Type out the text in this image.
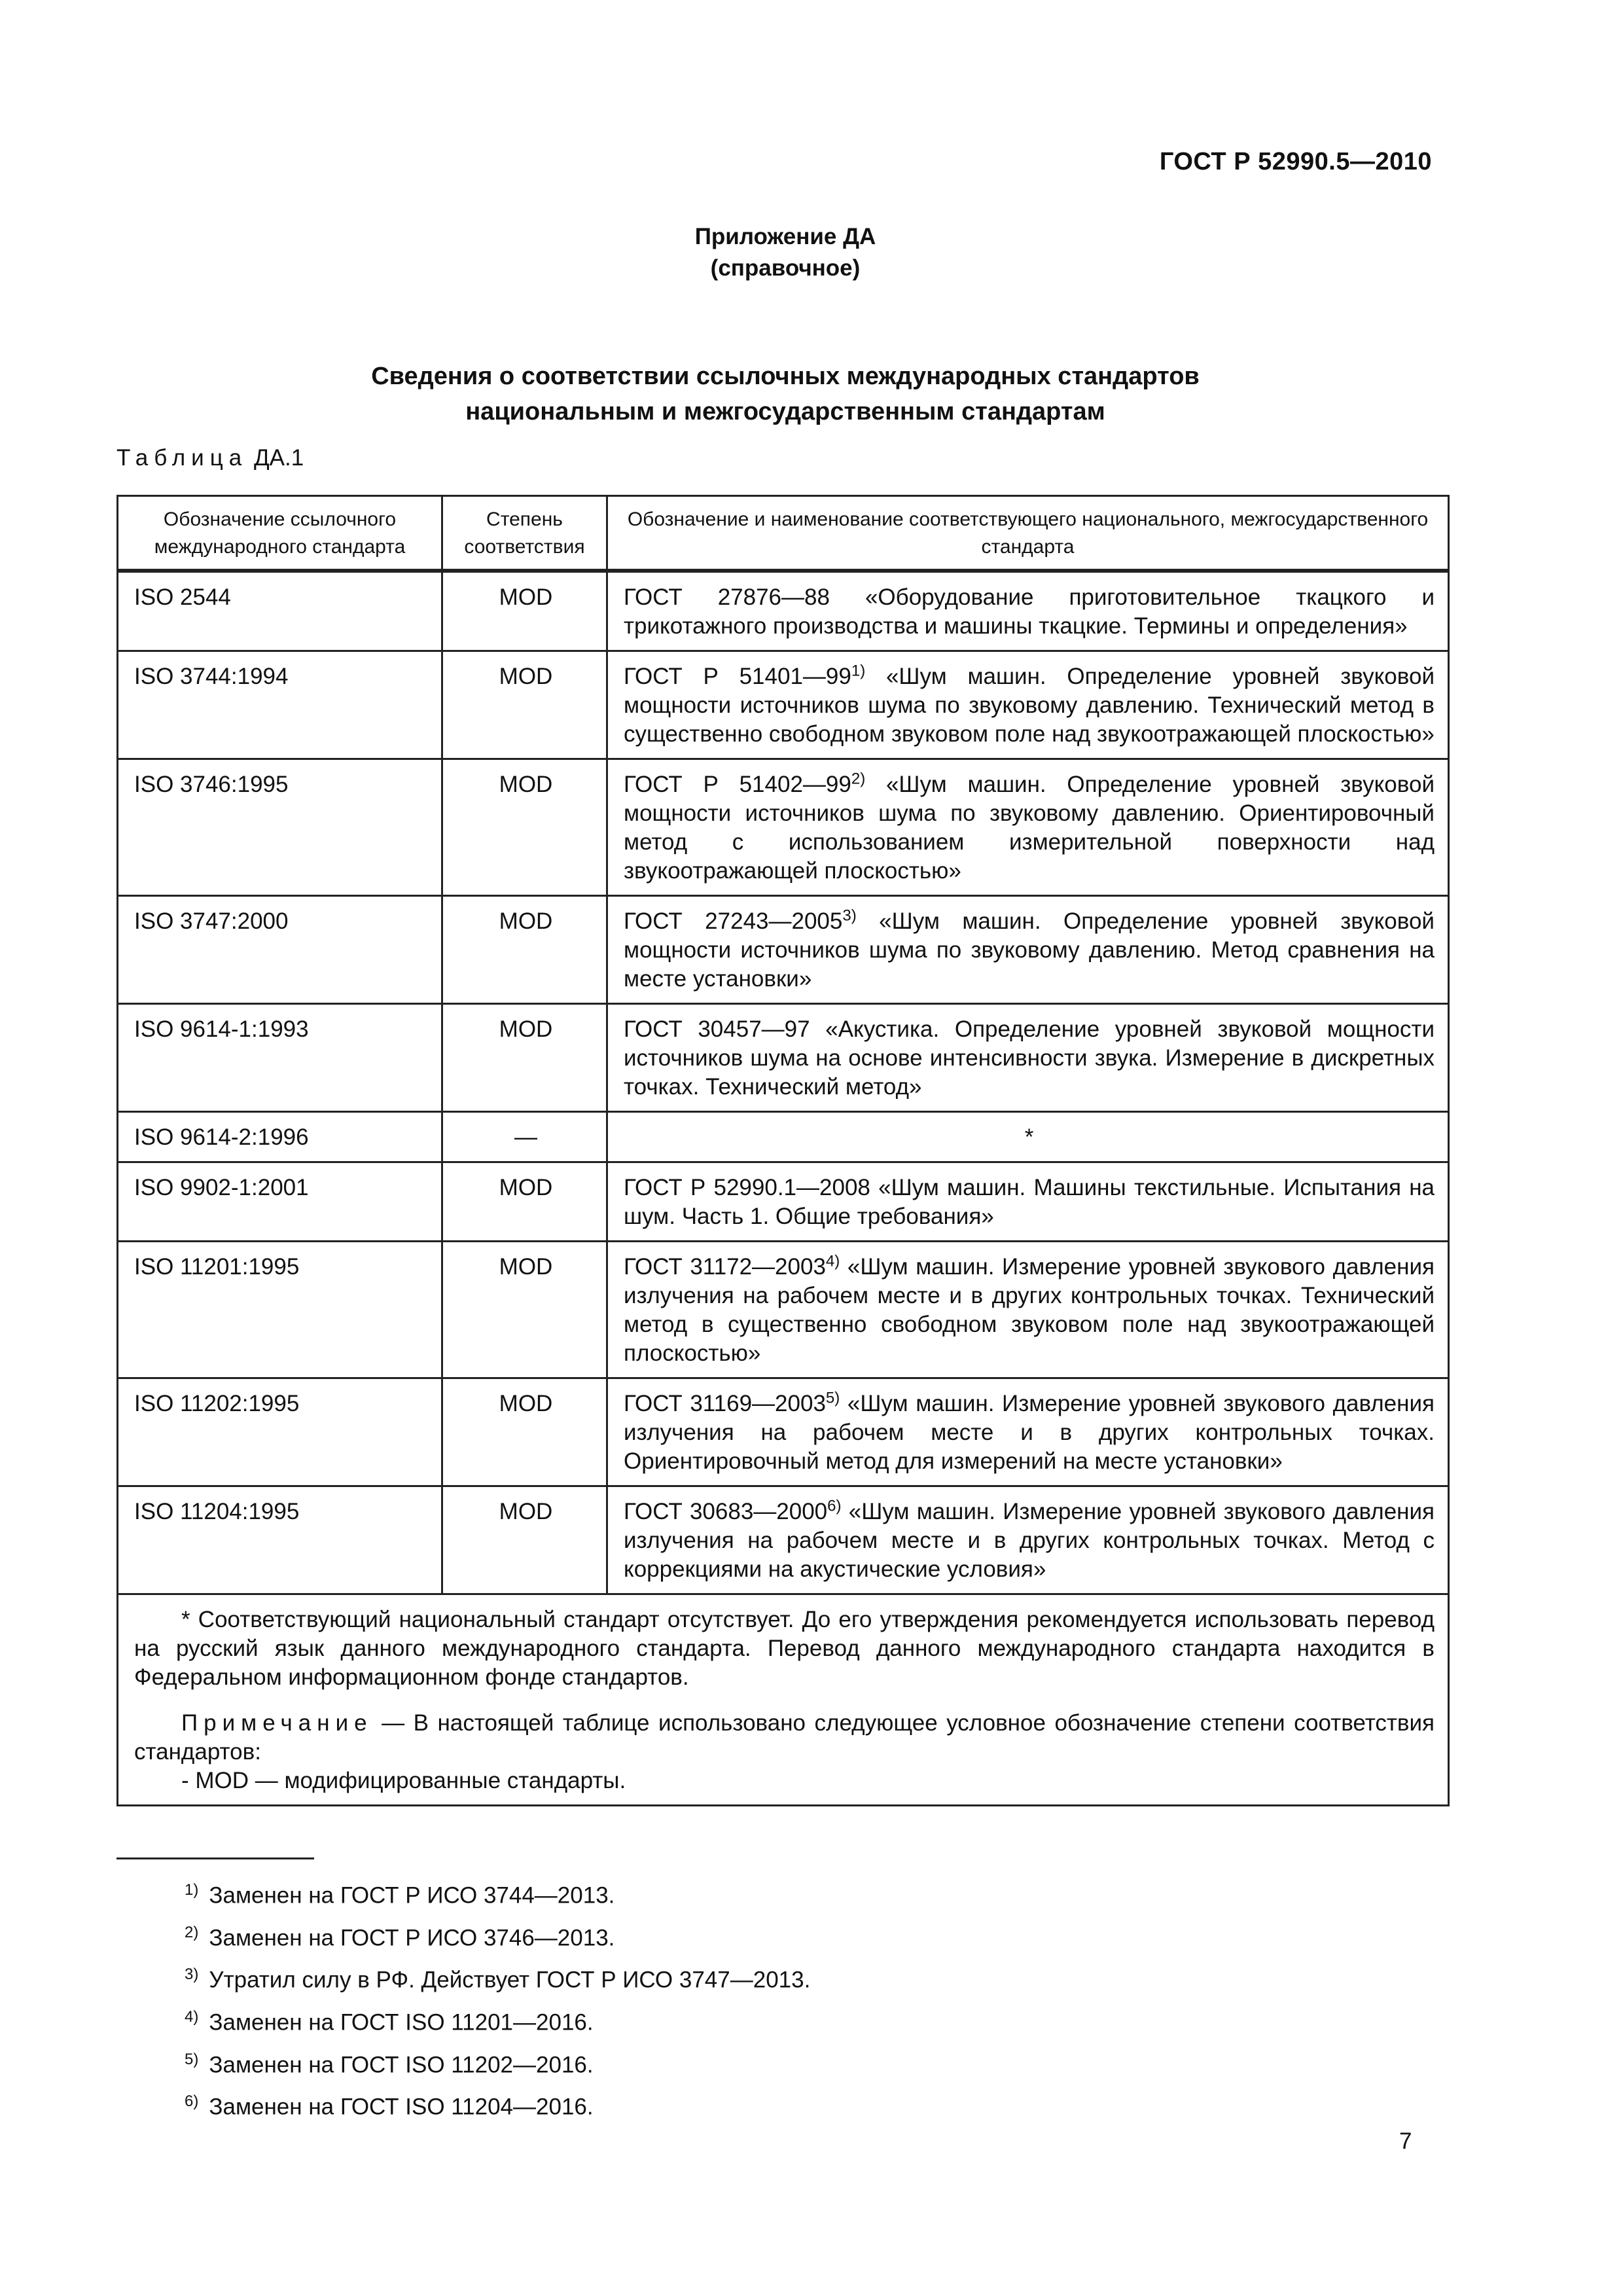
ГОСТ Р 52990.5—2010
Приложение ДА
(справочное)
Сведения о соответствии ссылочных международных стандартов
национальным и межгосударственным стандартам
Таблица ДА.1
Обозначение ссылочного международного стандарта	Степень соответствия	Обозначение и наименование соответствующего национального, межгосударственного стандарта
ISO 2544	MOD	ГОСТ 27876—88 «Оборудование приготовительное ткацкого и трикотажного производства и машины ткацкие. Термины и определения»
ISO 3744:1994	MOD	ГОСТ Р 51401—99$^{1)}$ «Шум машин. Определение уровней звуковой мощности источников шума по звуковому давлению. Технический метод в существенно свободном звуковом поле над звукоотражающей плоскостью»
ISO 3746:1995	MOD	ГОСТ Р 51402—99$^{2)}$ «Шум машин. Определение уровней звуковой мощности источников шума по звуковому давлению. Ориентировочный метод с использованием измерительной поверхности над звукоотражающей плоскостью»
ISO 3747:2000	MOD	ГОСТ 27243—2005$^{3)}$ «Шум машин. Определение уровней звуковой мощности источников шума по звуковому давлению. Метод сравнения на месте установки»
ISO 9614-1:1993	MOD	ГОСТ 30457—97 «Акустика. Определение уровней звуковой мощности источников шума на основе интенсивности звука. Измерение в дискретных точках. Технический метод»
ISO 9614-2:1996	—	*
ISO 9902-1:2001	MOD	ГОСТ Р 52990.1—2008 «Шум машин. Машины текстильные. Испытания на шум. Часть 1. Общие требования»
ISO 11201:1995	MOD	ГОСТ 31172—2003$^{4)}$ «Шум машин. Измерение уровней звукового давления излучения на рабочем месте и в других контрольных точках. Технический метод в существенно свободном звуковом поле над звукоотражающей плоскостью»
ISO 11202:1995	MOD	ГОСТ 31169—2003$^{5)}$ «Шум машин. Измерение уровней звукового давления излучения на рабочем месте и в других контрольных точках. Ориентировочный метод для измерений на месте установки»
ISO 11204:1995	MOD	ГОСТ 30683—2000$^{6)}$ «Шум машин. Измерение уровней звукового давления излучения на рабочем месте и в других контрольных точках. Метод с коррекциями на акустические условия»

* Соответствующий национальный стандарт отсутствует. До его утверждения рекомендуется использовать перевод на русский язык данного международного стандарта. Перевод данного международного стандарта находится в Федеральном информационном фонде стандартов.

Примечание — В настоящей таблице использовано следующее условное обозначение степени соответствия стандартов:

- MOD — модифицированные стандарты.		
$^{1)}$ Заменен на ГОСТ Р ИСО 3744—2013.
$^{2)}$ Заменен на ГОСТ Р ИСО 3746—2013.
$^{3)}$ Утратил силу в РФ. Действует ГОСТ Р ИСО 3747—2013.
$^{4)}$ Заменен на ГОСТ ISO 11201—2016.
$^{5)}$ Заменен на ГОСТ ISO 11202—2016.
$^{6)}$ Заменен на ГОСТ ISO 11204—2016.
7
